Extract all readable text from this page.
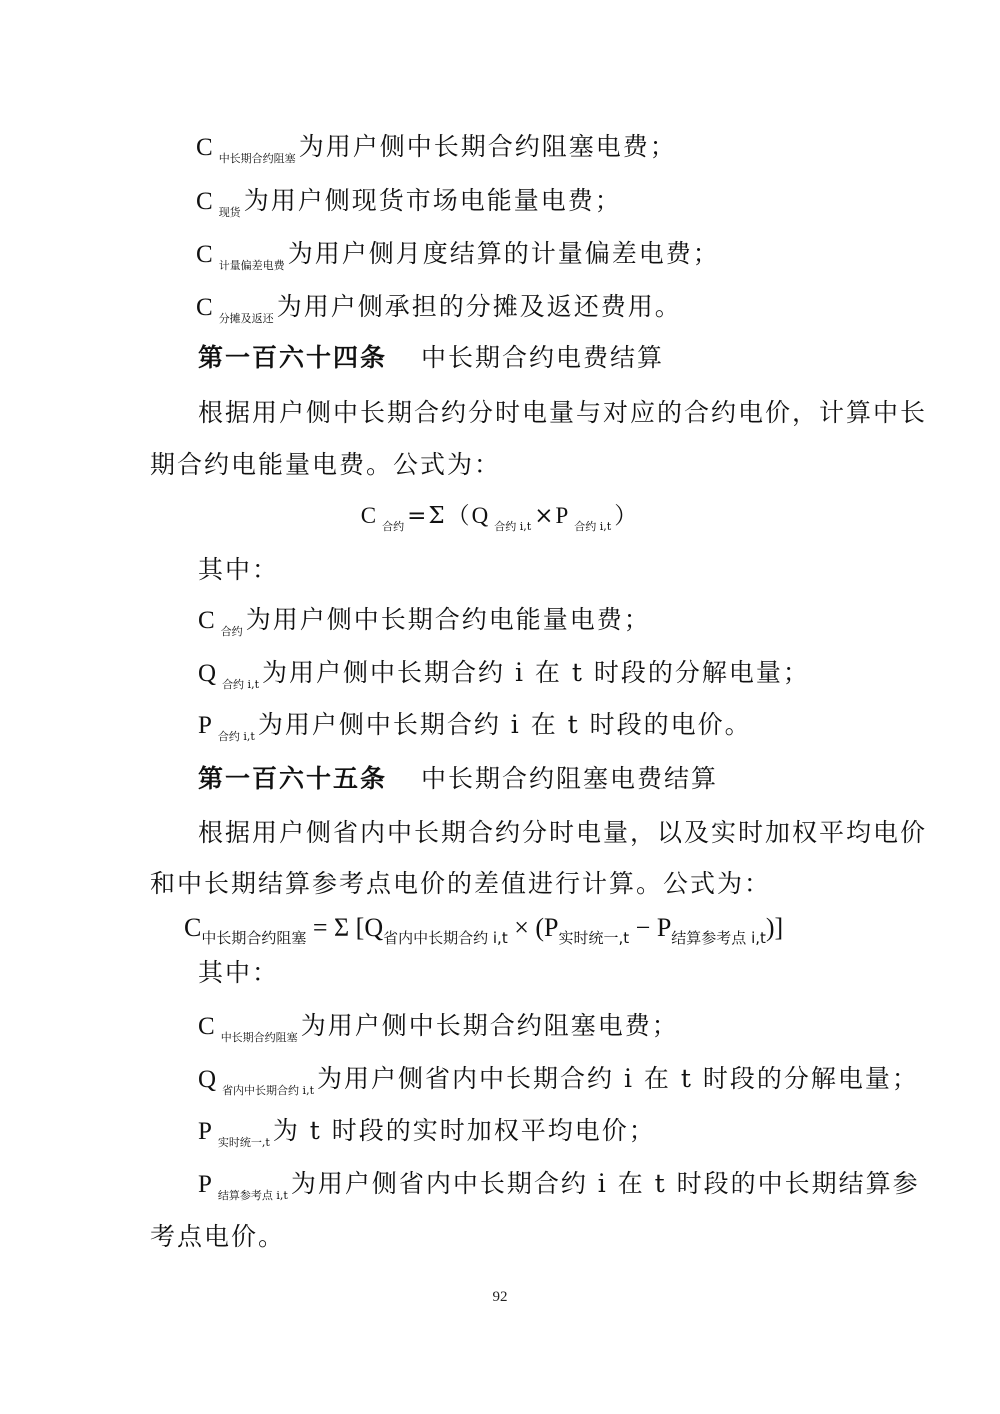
C $_{中长期合约阻塞}$ 为用户侧中长期合约阻塞电费；
C $_{现货}$ 为用户侧现货市场电能量电费；
C $_{计量偏差电费}$ 为用户侧月度结算的计量偏差电费；
C $_{分摊及返还}$ 为用户侧承担的分摊及返还费用。
第一百六十四条 中长期合约电费结算
根据用户侧中长期合约分时电量与对应的合约电价，计算中长
期合约电能量电费。公式为：
C $_{合约}$ =Σ（Q $_{合约 i,t}$ ×P $_{合约 i,t}$ ）
其中：
C $_{合约}$ 为用户侧中长期合约电能量电费；
Q $_{合约 i,t}$ 为用户侧中长期合约 i 在 t 时段的分解电量；
P $_{合约 i,t}$ 为用户侧中长期合约 i 在 t 时段的电价。
第一百六十五条 中长期合约阻塞电费结算
根据用户侧省内中长期合约分时电量，以及实时加权平均电价
和中长期结算参考点电价的差值进行计算。公式为：
$C_{中长期合约阻塞} = \Sigma$ $[Q_{省内中长期合约 i,t} \times (P_{实时统一,t} - P_{结算参考点 i,t})]$
其中：
C $_{中长期合约阻塞}$ 为用户侧中长期合约阻塞电费；
Q $_{省内中长期合约 i,t}$ 为用户侧省内中长期合约 i 在 t 时段的分解电量；
P $_{实时统一,t}$ 为 t 时段的实时加权平均电价；
P $_{结算参考点 i,t}$ 为用户侧省内中长期合约 i 在 t 时段的中长期结算参
考点电价。
92
